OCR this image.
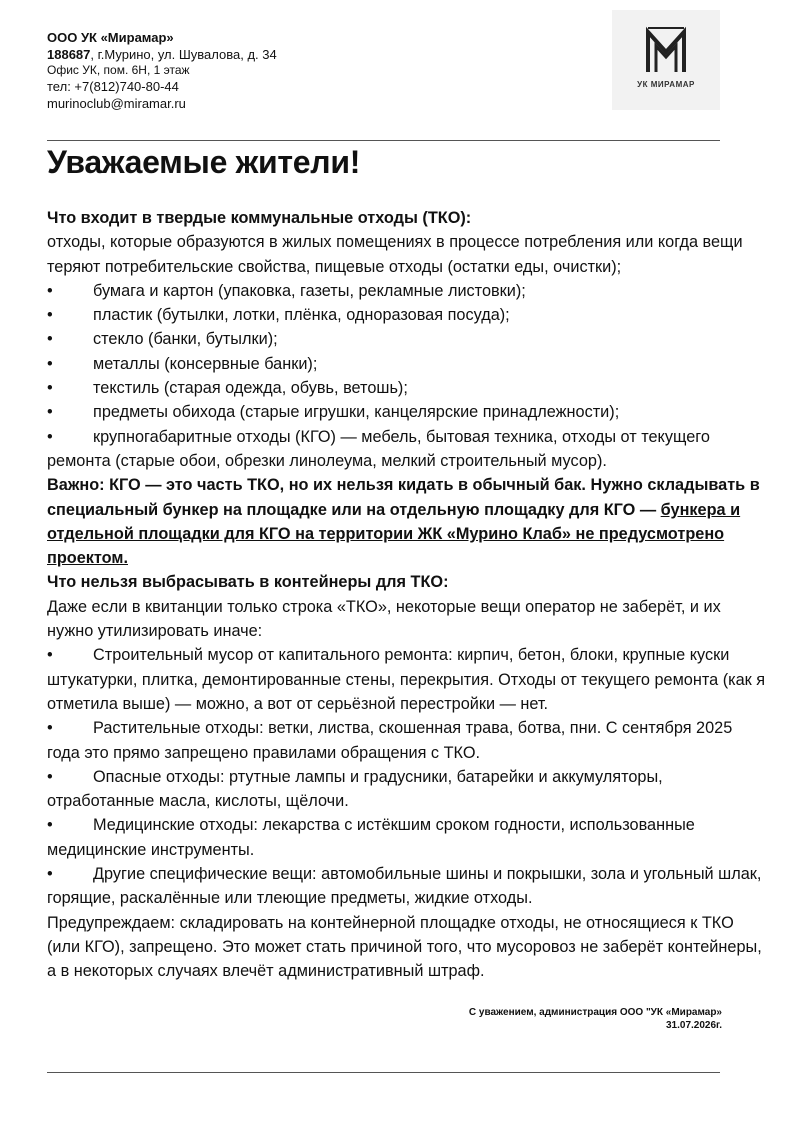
ООО УК «Мирамар»
188687, г.Мурино, ул. Шувалова, д. 34
Офис УК, пом. 6Н, 1 этаж
тел: +7(812)740-80-44
murinoclub@miramar.ru
УК МИРАМАР
Уважаемые жители!

Что входит в твердые коммунальные отходы (ТКО):

отходы, которые образуются в жилых помещениях в процессе потребления или когда вещи теряют потребительские свойства, пищевые отходы (остатки еды, очистки);

• бумага и картон (упаковка, газеты, рекламные листовки);
• пластик (бутылки, лотки, плёнка, одноразовая посуда);
• стекло (банки, бутылки);
• металлы (консервные банки);
• текстиль (старая одежда, обувь, ветошь);
• предметы обихода (старые игрушки, канцелярские принадлежности);
• крупногабаритные отходы (КГО) — мебель, бытовая техника, отходы от текущего ремонта (старые обои, обрезки линолеума, мелкий строительный мусор).

Важно: КГО — это часть ТКО, но их нельзя кидать в обычный бак. Нужно складывать в специальный бункер на площадке или на отдельную площадку для КГО — бункера и отдельной площадки для КГО на территории ЖК «Мурино Клаб» не предусмотрено проектом.

Что нельзя выбрасывать в контейнеры для ТКО:

Даже если в квитанции только строка «ТКО», некоторые вещи оператор не заберёт, и их нужно утилизировать иначе:

• Строительный мусор от капитального ремонта: кирпич, бетон, блоки, крупные куски штукатурки, плитка, демонтированные стены, перекрытия. Отходы от текущего ремонта (как я отметила выше) — можно, а вот от серьёзной перестройки — нет.
• Растительные отходы: ветки, листва, скошенная трава, ботва, пни. С сентября 2025 года это прямо запрещено правилами обращения с ТКО.
• Опасные отходы: ртутные лампы и градусники, батарейки и аккумуляторы, отработанные масла, кислоты, щёлочи.
• Медицинские отходы: лекарства с истёкшим сроком годности, использованные медицинские инструменты.
• Другие специфические вещи: автомобильные шины и покрышки, зола и угольный шлак, горящие, раскалённые или тлеющие предметы, жидкие отходы.

Предупреждаем: складировать на контейнерной площадке отходы, не относящиеся к ТКО (или КГО), запрещено. Это может стать причиной того, что мусоровоз не заберёт контейнеры, а в некоторых случаях влечёт административный штраф.

С уважением, администрация ООО "УК «Мирамар»
31.07.2026г.
